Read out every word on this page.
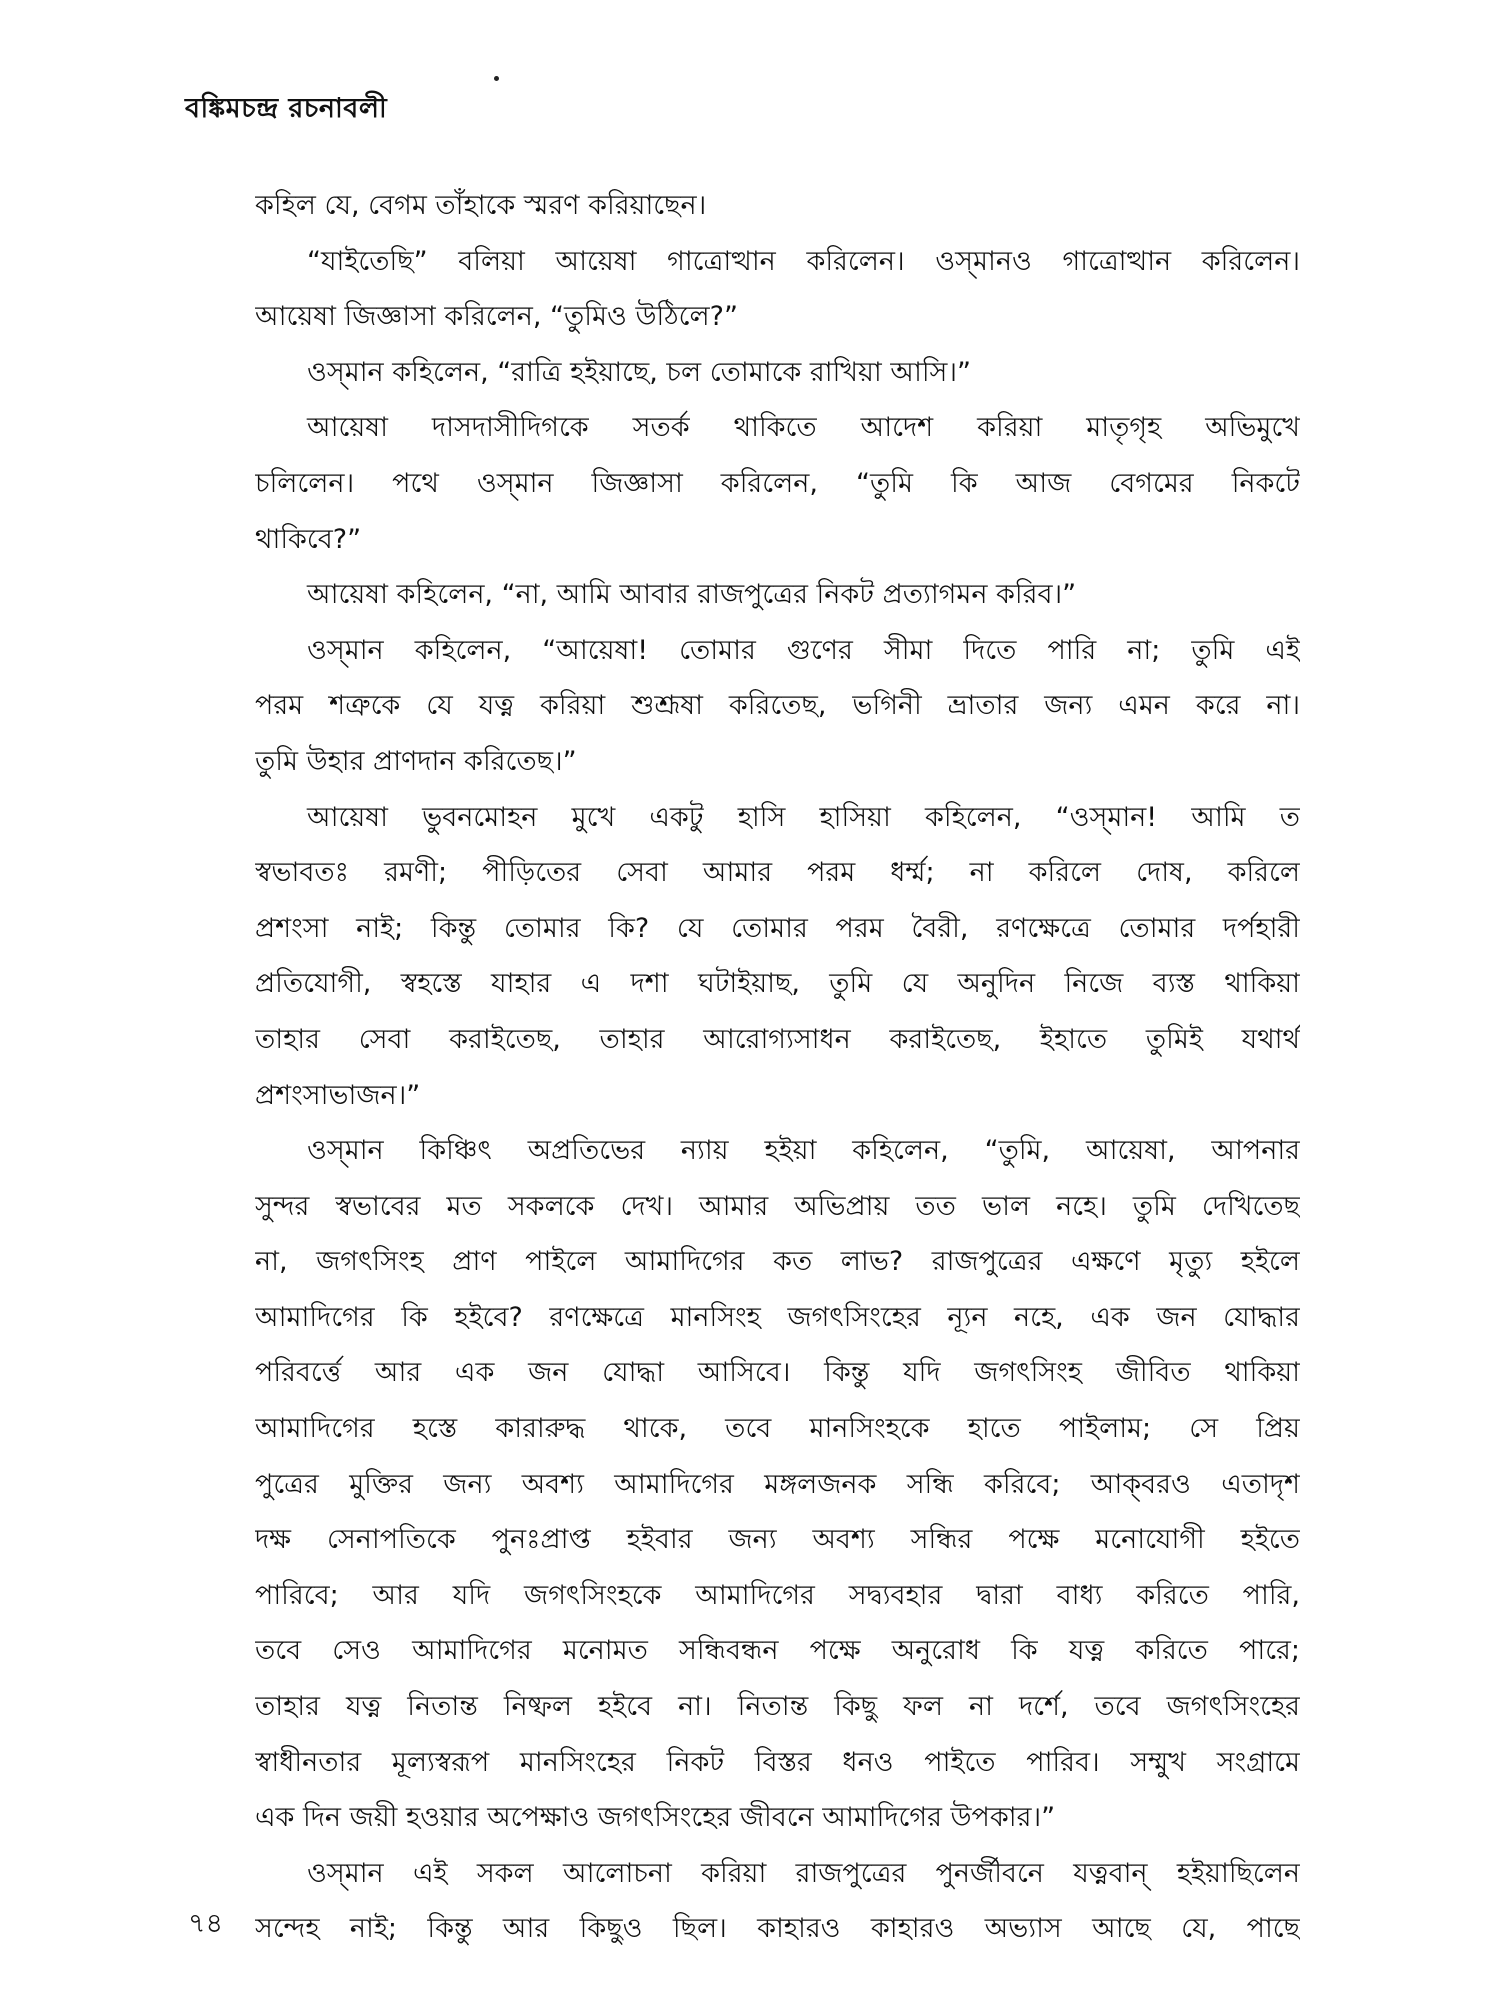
বঙ্কিমচন্দ্র রচনাবলী
কহিল যে, বেগম তাঁহাকে স্মরণ করিয়াছেন।
“যাইতেছি” বলিয়া আয়েষা গাত্রোত্থান করিলেন। ওস্‌মানও গাত্রোত্থান করিলেন।
আয়েষা জিজ্ঞাসা করিলেন, “তুমিও উঠিলে?”
ওস্‌মান কহিলেন, “রাত্রি হইয়াছে, চল তোমাকে রাখিয়া আসি।”
আয়েষা দাসদাসীদিগকে সতর্ক থাকিতে আদেশ করিয়া মাতৃগৃহ অভিমুখে
চলিলেন। পথে ওস্‌মান জিজ্ঞাসা করিলেন, “তুমি কি আজ বেগমের নিকটে
থাকিবে?”
আয়েষা কহিলেন, “না, আমি আবার রাজপুত্রের নিকট প্রত্যাগমন করিব।”
ওস্‌মান কহিলেন, “আয়েষা! তোমার গুণের সীমা দিতে পারি না; তুমি এই
পরম শত্রুকে যে যত্ন করিয়া শুশ্রূষা করিতেছ, ভগিনী ভ্রাতার জন্য এমন করে না।
তুমি উহার প্রাণদান করিতেছ।”
আয়েষা ভুবনমোহন মুখে একটু হাসি হাসিয়া কহিলেন, “ওস্‌মান! আমি ত
স্বভাবতঃ রমণী; পীড়িতের সেবা আমার পরম ধর্ম্ম; না করিলে দোষ, করিলে
প্রশংসা নাই; কিন্তু তোমার কি? যে তোমার পরম বৈরী, রণক্ষেত্রে তোমার দর্পহারী
প্রতিযোগী, স্বহস্তে যাহার এ দশা ঘটাইয়াছ, তুমি যে অনুদিন নিজে ব্যস্ত থাকিয়া
তাহার সেবা করাইতেছ, তাহার আরোগ্যসাধন করাইতেছ, ইহাতে তুমিই যথার্থ
প্রশংসাভাজন।”
ওস্‌মান কিঞ্চিৎ অপ্রতিভের ন্যায় হইয়া কহিলেন, “তুমি, আয়েষা, আপনার
সুন্দর স্বভাবের মত সকলকে দেখ। আমার অভিপ্রায় তত ভাল নহে। তুমি দেখিতেছ
না, জগৎসিংহ প্রাণ পাইলে আমাদিগের কত লাভ? রাজপুত্রের এক্ষণে মৃত্যু হইলে
আমাদিগের কি হইবে? রণক্ষেত্রে মানসিংহ জগৎসিংহের ন্যূন নহে, এক জন যোদ্ধার
পরিবর্ত্তে আর এক জন যোদ্ধা আসিবে। কিন্তু যদি জগৎসিংহ জীবিত থাকিয়া
আমাদিগের হস্তে কারারুদ্ধ থাকে, তবে মানসিংহকে হাতে পাইলাম; সে প্রিয়
পুত্রের মুক্তির জন্য অবশ্য আমাদিগের মঙ্গলজনক সন্ধি করিবে; আক্‌বরও এতাদৃশ
দক্ষ সেনাপতিকে পুনঃপ্রাপ্ত হইবার জন্য অবশ্য সন্ধির পক্ষে মনোযোগী হইতে
পারিবে; আর যদি জগৎসিংহকে আমাদিগের সদ্ব্যবহার দ্বারা বাধ্য করিতে পারি,
তবে সেও আমাদিগের মনোমত সন্ধিবন্ধন পক্ষে অনুরোধ কি যত্ন করিতে পারে;
তাহার যত্ন নিতান্ত নিষ্ফল হইবে না। নিতান্ত কিছু ফল না দর্শে, তবে জগৎসিংহের
স্বাধীনতার মূল্যস্বরূপ মানসিংহের নিকট বিস্তর ধনও পাইতে পারিব। সম্মুখ সংগ্রামে
এক দিন জয়ী হওয়ার অপেক্ষাও জগৎসিংহের জীবনে আমাদিগের উপকার।”
ওস্‌মান এই সকল আলোচনা করিয়া রাজপুত্রের পুনর্জীবনে যত্নবান্‌ হইয়াছিলেন
সন্দেহ নাই; কিন্তু আর কিছুও ছিল। কাহারও কাহারও অভ্যাস আছে যে, পাছে
৭৪
